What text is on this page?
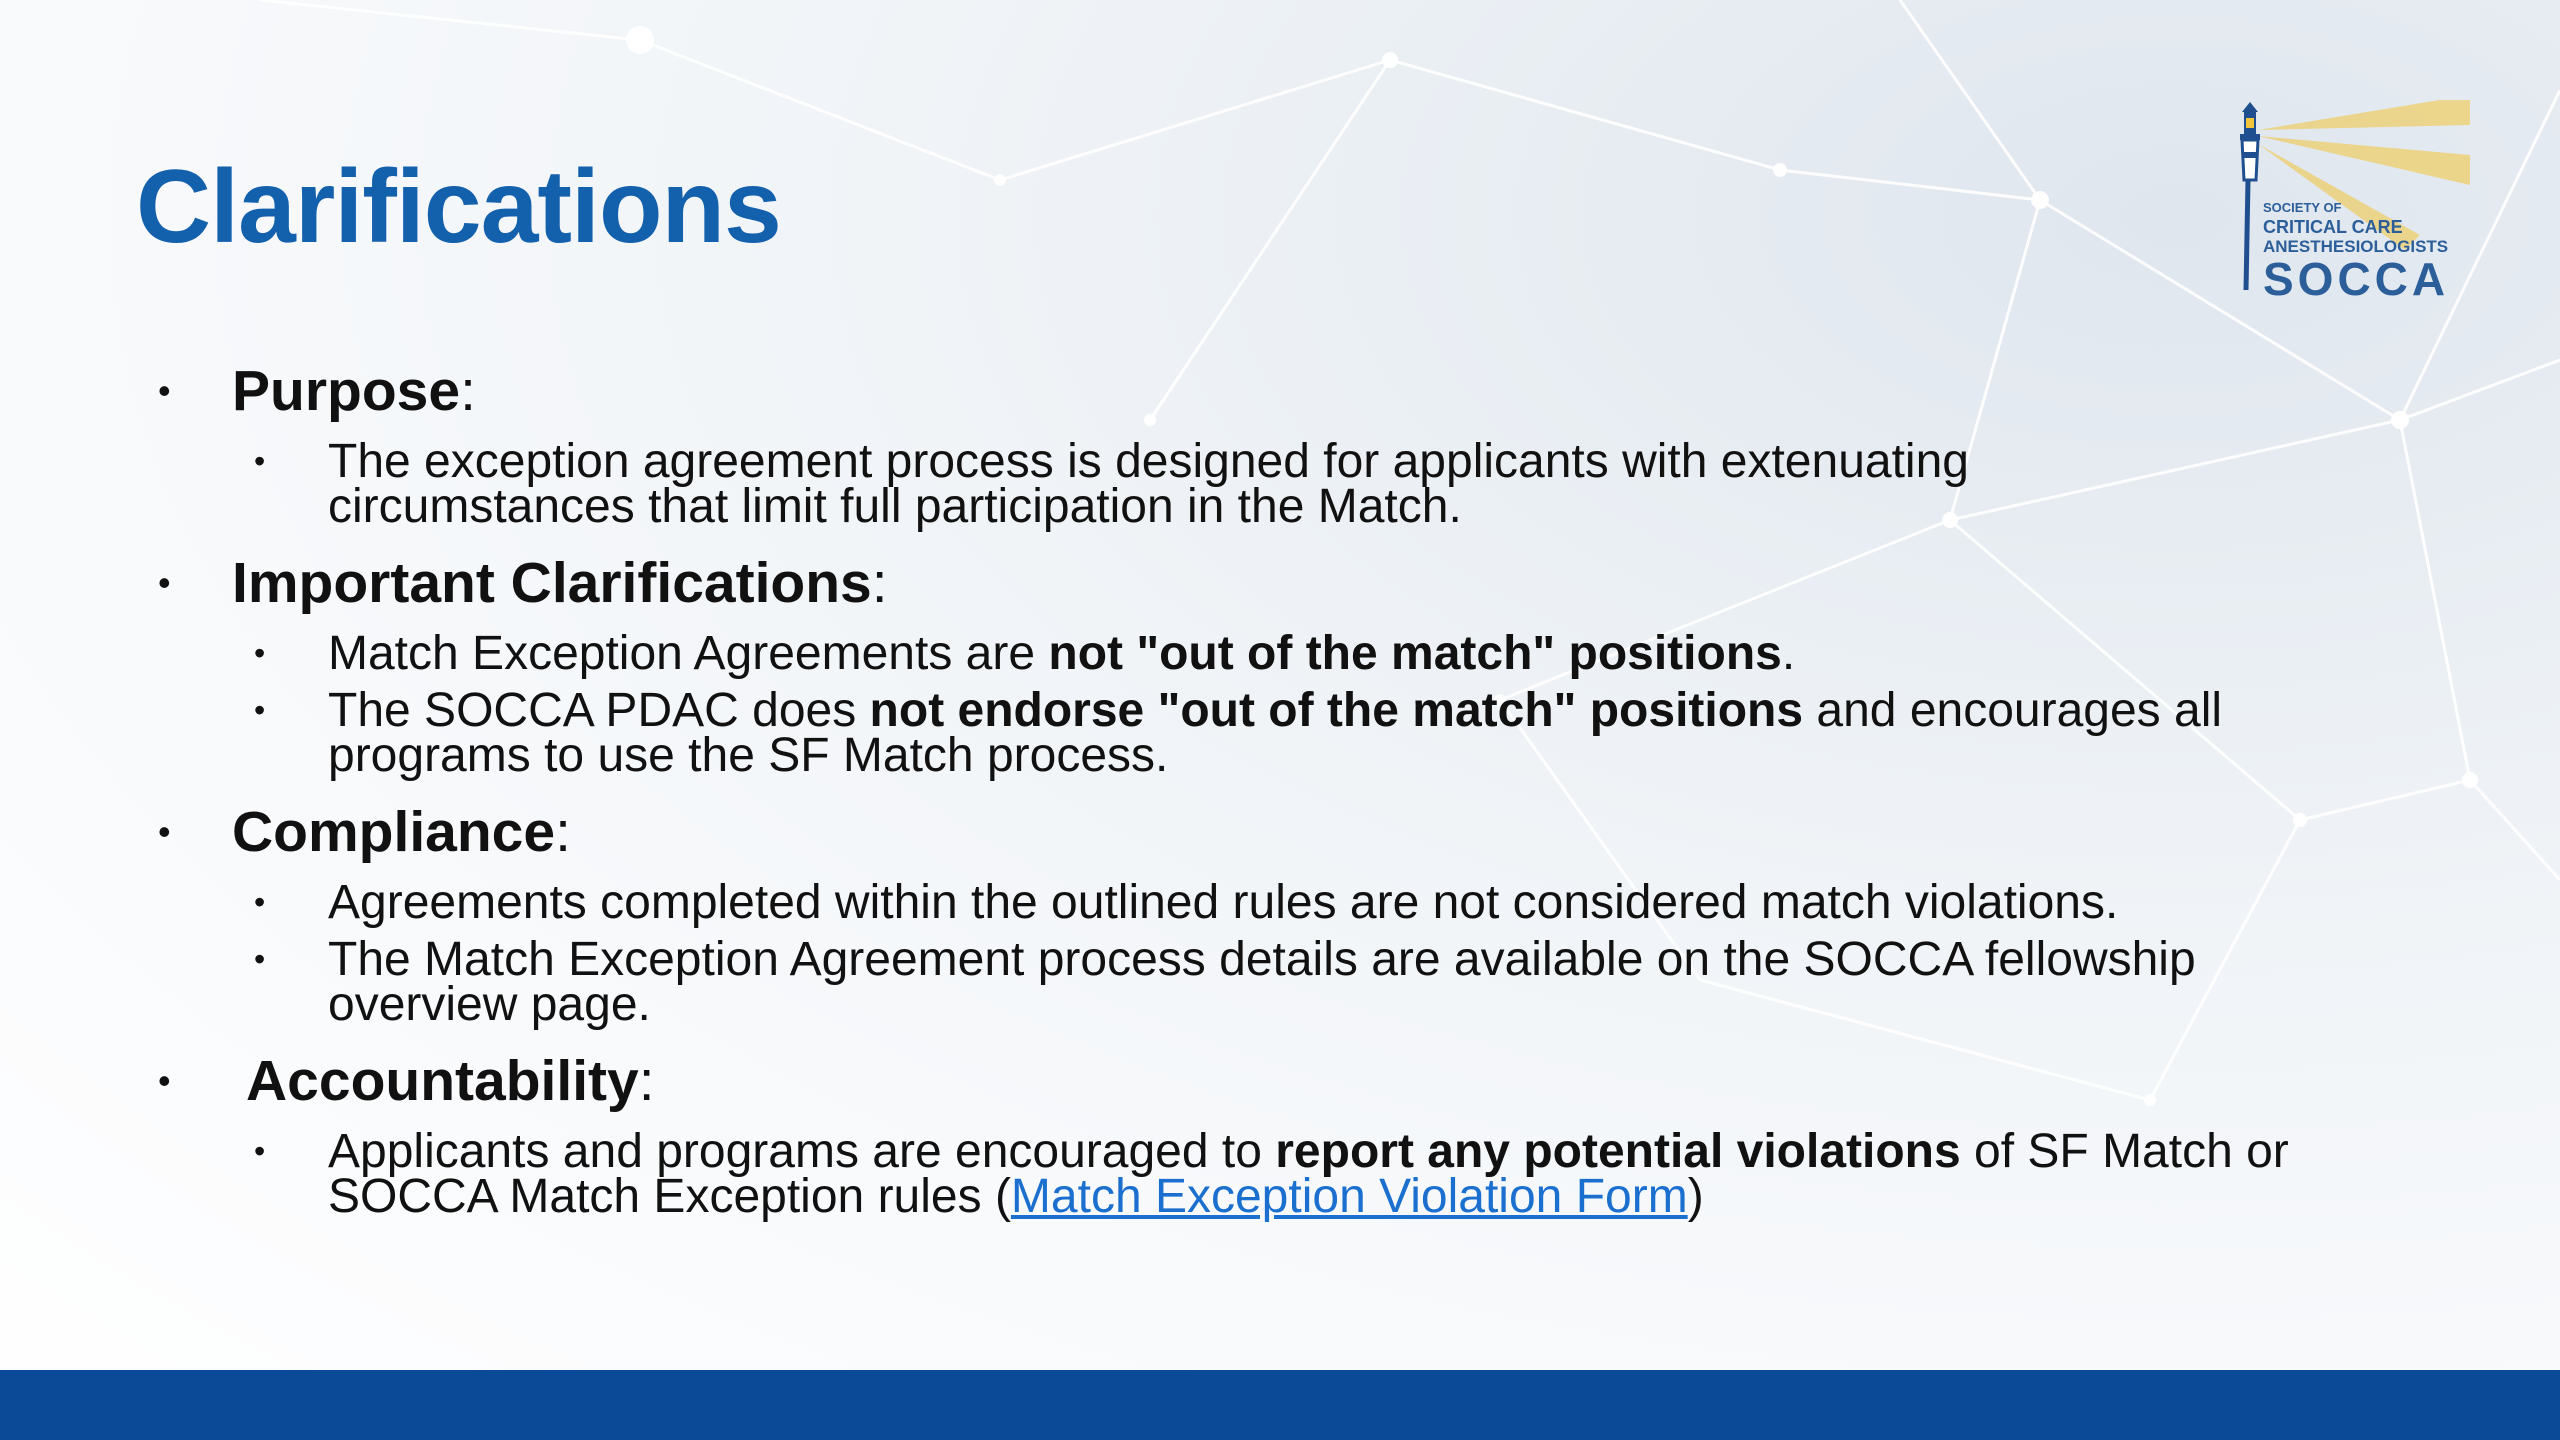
Clarifications	SOCIETY OF
CRITICAL CARE
ANESTHESIOLOGISTS
SOCCA
• Purpose:
• The exception agreement process is designed for applicants with extenuating
circumstances that limit full participation in the Match.
• Important Clarifications:
• Match Exception Agreements are not "out of the match" positions.
• The SOCCA PDAC does not endorse "out of the match" positions and encourages all
programs to use the SF Match process.
• Compliance:
• Agreements completed within the outlined rules are not considered match violations.
• The Match Exception Agreement process details are available on the SOCCA fellowship
overview page.
• Accountability:
• Applicants and programs are encouraged to report any potential violations of SF Match or
SOCCA Match Exception rules (Match Exception Violation Form)
